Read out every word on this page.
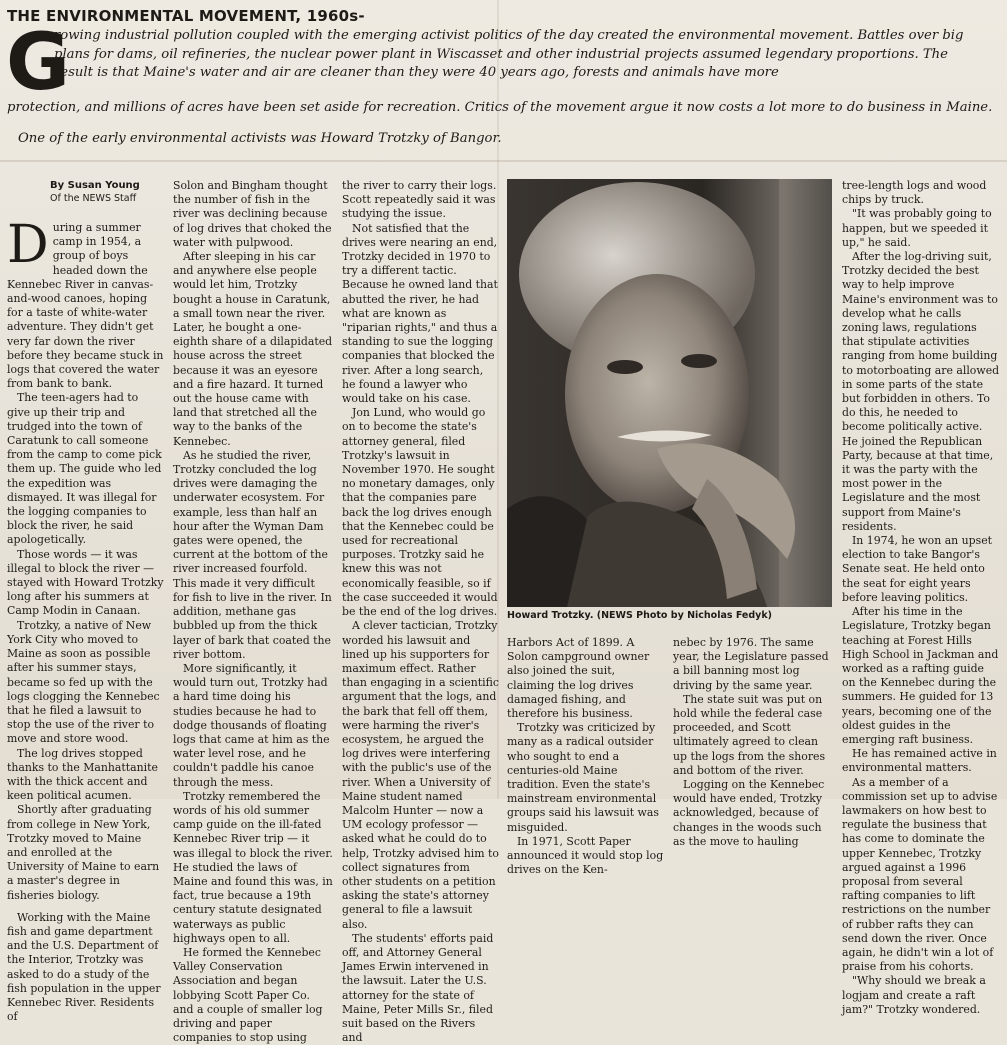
THE ENVIRONMENTAL MOVEMENT, 1960s-
G

rowing industrial pollution coupled with the emerging activist politics of the day created the environmental movement. Battles over big plans for dams, oil refineries, the nuclear power plant in Wiscasset and other industrial projects assumed legendary proportions. The result is that Maine's water and air are cleaner than they were 40 years ago, forests and animals have more

protection, and millions of acres have been set aside for recreation. Critics of the movement argue it now costs a lot more to do business in Maine.

One of the early environmental activists was Howard Trotzky of Bangor.

By Susan Young
Of the NEWS Staff

During a summer camp in 1954, a group of boys headed down the Kennebec River in canvas-and-wood canoes, hoping for a taste of white-water adventure. They didn't get very far down the river before they became stuck in logs that covered the water from bank to bank.

The teen-agers had to give up their trip and trudged into the town of Caratunk to call someone from the camp to come pick them up. The guide who led the expedition was dismayed. It was illegal for the logging companies to block the river, he said apologetically.

Those words — it was illegal to block the river — stayed with Howard Trotzky long after his summers at Camp Modin in Canaan.

Trotzky, a native of New York City who moved to Maine as soon as possible after his summer stays, became so fed up with the logs clogging the Kennebec that he filed a lawsuit to stop the use of the river to move and store wood.

The log drives stopped thanks to the Manhattanite with the thick accent and keen political acumen.

Shortly after graduating from college in New York, Trotzky moved to Maine and enrolled at the University of Maine to earn a master's degree in fisheries biology.

Working with the Maine fish and game department and the U.S. Department of the Interior, Trotzky was asked to do a study of the fish population in the upper Kennebec River. Residents of

Solon and Bingham thought the number of fish in the river was declining because of log drives that choked the water with pulpwood.

After sleeping in his car and anywhere else people would let him, Trotzky bought a house in Caratunk, a small town near the river. Later, he bought a one-eighth share of a dilapidated house across the street because it was an eyesore and a fire hazard. It turned out the house came with land that stretched all the way to the banks of the Kennebec.

As he studied the river, Trotzky concluded the log drives were damaging the underwater ecosystem. For example, less than half an hour after the Wyman Dam gates were opened, the current at the bottom of the river increased fourfold. This made it very difficult for fish to live in the river. In addition, methane gas bubbled up from the thick layer of bark that coated the river bottom.

More significantly, it would turn out, Trotzky had a hard time doing his studies because he had to dodge thousands of floating logs that came at him as the water level rose, and he couldn't paddle his canoe through the mess.

Trotzky remembered the words of his old summer camp guide on the ill-fated Kennebec River trip — it was illegal to block the river. He studied the laws of Maine and found this was, in fact, true because a 19th century statute designated waterways as public highways open to all.

He formed the Kennebec Valley Conservation Association and began lobbying Scott Paper Co. and a couple of smaller log driving and paper companies to stop using

the river to carry their logs. Scott repeatedly said it was studying the issue.

Not satisfied that the drives were nearing an end, Trotzky decided in 1970 to try a different tactic. Because he owned land that abutted the river, he had what are known as "riparian rights," and thus a standing to sue the logging companies that blocked the river. After a long search, he found a lawyer who would take on his case.

Jon Lund, who would go on to become the state's attorney general, filed Trotzky's lawsuit in November 1970. He sought no monetary damages, only that the companies pare back the log drives enough that the Kennebec could be used for recreational purposes. Trotzky said he knew this was not economically feasible, so if the case succeeded it would be the end of the log drives.

A clever tactician, Trotzky worded his lawsuit and lined up his supporters for maximum effect. Rather than engaging in a scientific argument that the logs, and the bark that fell off them, were harming the river's ecosystem, he argued the log drives were interfering with the public's use of the river. When a University of Maine student named Malcolm Hunter — now a UM ecology professor — asked what he could do to help, Trotzky advised him to collect signatures from other students on a petition asking the state's attorney general to file a lawsuit also.

The students' efforts paid off, and Attorney General James Erwin intervened in the lawsuit. Later the U.S. attorney for the state of Maine, Peter Mills Sr., filed suit based on the Rivers and

Howard Trotzky. (NEWS Photo by Nicholas Fedyk)

Harbors Act of 1899. A Solon campground owner also joined the suit, claiming the log drives damaged fishing, and therefore his business.

Trotzky was criticized by many as a radical outsider who sought to end a centuries-old Maine tradition. Even the state's mainstream environmental groups said his lawsuit was misguided.

In 1971, Scott Paper announced it would stop log drives on the Ken-

nebec by 1976. The same year, the Legislature passed a bill banning most log driving by the same year.

The state suit was put on hold while the federal case proceeded, and Scott ultimately agreed to clean up the logs from the shores and bottom of the river.

Logging on the Kennebec would have ended, Trotzky acknowledged, because of changes in the woods such as the move to hauling

tree-length logs and wood chips by truck.

"It was probably going to happen, but we speeded it up," he said.

After the log-driving suit, Trotzky decided the best way to help improve Maine's environment was to develop what he calls zoning laws, regulations that stipulate activities ranging from home building to motorboating are allowed in some parts of the state but forbidden in others. To do this, he needed to become politically active. He joined the Republican Party, because at that time, it was the party with the most power in the Legislature and the most support from Maine's residents.

In 1974, he won an upset election to take Bangor's Senate seat. He held onto the seat for eight years before leaving politics.

After his time in the Legislature, Trotzky began teaching at Forest Hills High School in Jackman and worked as a rafting guide on the Kennebec during the summers. He guided for 13 years, becoming one of the oldest guides in the emerging raft business.

He has remained active in environmental matters.

As a member of a commission set up to advise lawmakers on how best to regulate the business that has come to dominate the upper Kennebec, Trotzky argued against a 1996 proposal from several rafting companies to lift restrictions on the number of rubber rafts they can send down the river. Once again, he didn't win a lot of praise from his cohorts.

"Why should we break a logjam and create a raft jam?" Trotzky wondered.
